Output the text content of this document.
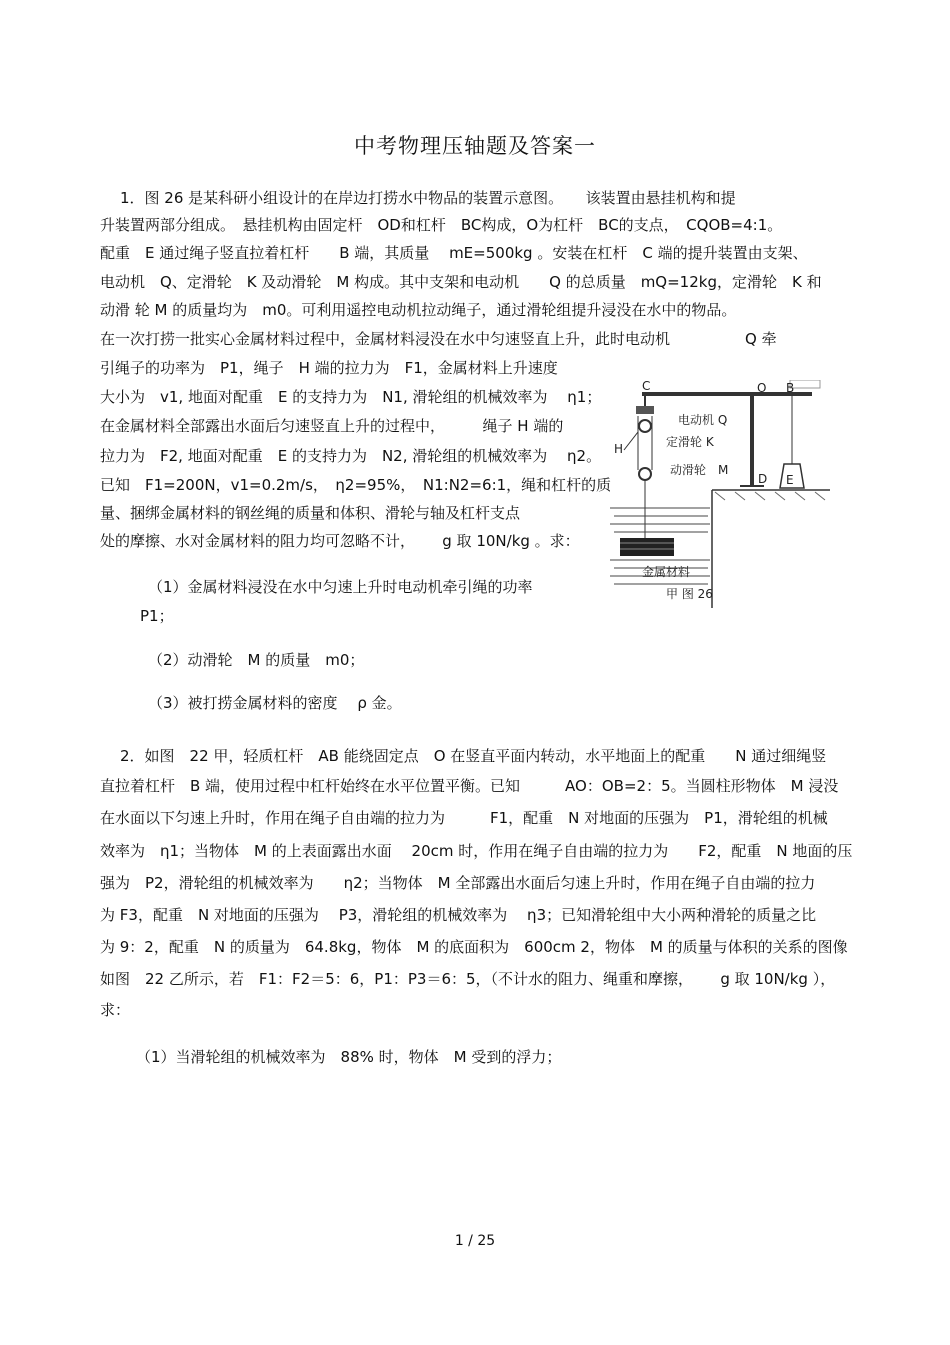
中考物理压轴题及答案一
1．图 26 是某科研小组设计的在岸边打捞水中物品的装置示意图。　　该装置由悬挂机构和提
升装置两部分组成。　悬挂机构由固定杆　OD和杠杆　BC构成，O为杠杆　BC的支点，　CQOB=4:1。
配重　E 通过绳子竖直拉着杠杆　　B 端，其质量　 mE=500kg 。安装在杠杆　C 端的提升装置由支架、
电动机　Q、定滑轮　K 及动滑轮　M 构成。其中支架和电动机　　Q 的总质量　mQ=12kg，定滑轮　K 和
动滑 轮 M 的质量均为　m0。可利用遥控电动机拉动绳子，通过滑轮组提升浸没在水中的物品。
在一次打捞一批实心金属材料过程中，金属材料浸没在水中匀速竖直上升，此时电动机　　　　　Q 牵
引绳子的功率为　P1，绳子　H 端的拉力为　F1，金属材料上升速度
大小为　v1, 地面对配重　E 的支持力为　N1, 滑轮组的机械效率为　 η1；
在金属材料全部露出水面后匀速竖直上升的过程中，　　　绳子 H 端的
拉力为　F2, 地面对配重　E 的支持力为　N2, 滑轮组的机械效率为　 η2。
已知　F1=200N，v1=0.2m/s，　η2=95%，　N1:N2=6:1，绳和杠杆的质
量、捆绑金属材料的钢丝绳的质量和体积、滑轮与轴及杠杆支点
处的摩擦、水对金属材料的阻力均可忽略不计，　　 g 取 10N/kg 。求：
（1）金属材料浸没在水中匀速上升时电动机牵引绳的功率
P1；
（2）动滑轮　M 的质量　m0；
（3）被打捞金属材料的密度　 ρ 金。
C	O B
H
D E
电动机 Q
定滑轮 K
动滑轮　M
金属材料
甲 图 26
2．如图　22 甲，轻质杠杆　AB 能绕固定点　O 在竖直平面内转动，水平地面上的配重　　N 通过细绳竖
直拉着杠杆　B 端，使用过程中杠杆始终在水平位置平衡。已知　　　AO：OB=2：5。当圆柱形物体　M 浸没
在水面以下匀速上升时，作用在绳子自由端的拉力为　　　F1，配重　N 对地面的压强为　P1，滑轮组的机械
效率为　η1；当物体　M 的上表面露出水面　 20cm 时，作用在绳子自由端的拉力为　　F2，配重　N 地面的压
强为　P2，滑轮组的机械效率为　　η2；当物体　M 全部露出水面后匀速上升时，作用在绳子自由端的拉力
为 F3，配重　N 对地面的压强为　 P3，滑轮组的机械效率为　 η3；已知滑轮组中大小两种滑轮的质量之比
为 9：2，配重　N 的质量为　64.8kg，物体　M 的底面积为　600cm 2，物体　M 的质量与体积的关系的图像
如图　22 乙所示，若　F1：F2＝5：6，P1：P3＝6：5，（不计水的阻力、绳重和摩擦，　　 g 取 10N/kg ），
求：
（1）当滑轮组的机械效率为　88% 时，物体　M 受到的浮力；
1 / 25
